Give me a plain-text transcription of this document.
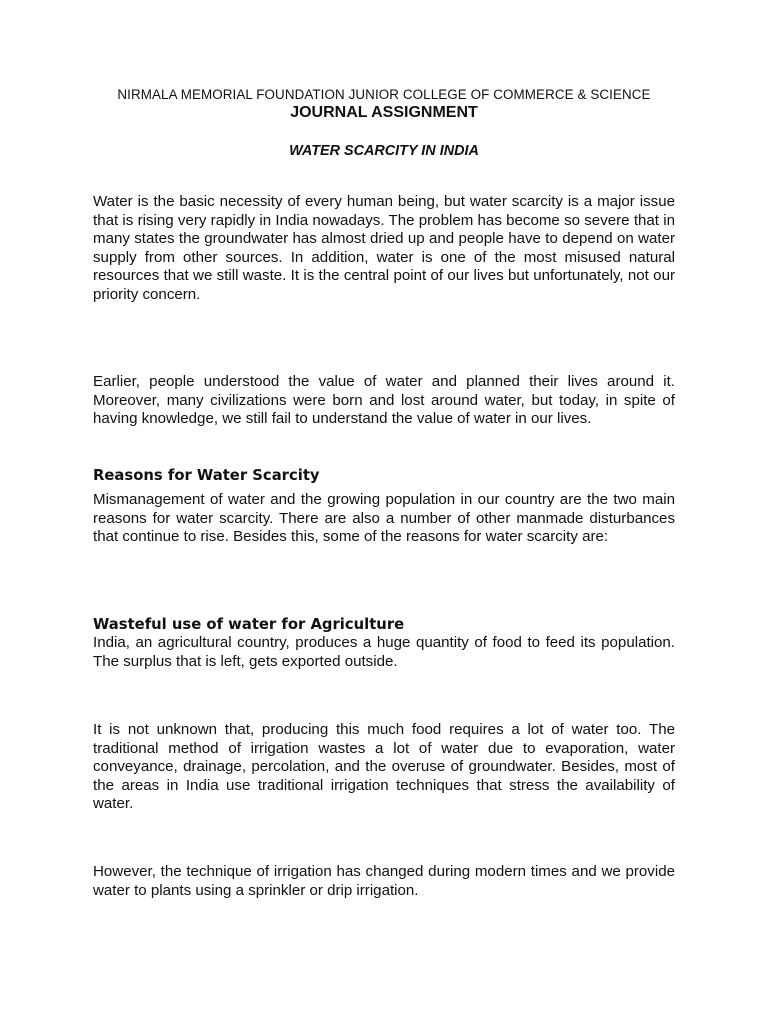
NIRMALA MEMORIAL FOUNDATION JUNIOR COLLEGE OF COMMERCE & SCIENCE
JOURNAL ASSIGNMENT
WATER SCARCITY IN INDIA

Water is the basic necessity of every human being, but water scarcity is a major issue that is rising very rapidly in India nowadays. The problem has become so severe that in many states the groundwater has almost dried up and people have to depend on water supply from other sources. In addition, water is one of the most misused natural resources that we still waste. It is the central point of our lives but unfortunately, not our priority concern.

Earlier, people understood the value of water and planned their lives around it. Moreover, many civilizations were born and lost around water, but today, in spite of having knowledge, we still fail to understand the value of water in our lives.

Reasons for Water Scarcity

Mismanagement of water and the growing population in our country are the two main reasons for water scarcity. There are also a number of other manmade disturbances that continue to rise. Besides this, some of the reasons for water scarcity are:

Wasteful use of water for Agriculture

India, an agricultural country, produces a huge quantity of food to feed its population. The surplus that is left, gets exported outside.

It is not unknown that, producing this much food requires a lot of water too. The traditional method of irrigation wastes a lot of water due to evaporation, water conveyance, drainage, percolation, and the overuse of groundwater. Besides, most of the areas in India use traditional irrigation techniques that stress the availability of water.

However, the technique of irrigation has changed during modern times and we provide water to plants using a sprinkler or drip irrigation.
